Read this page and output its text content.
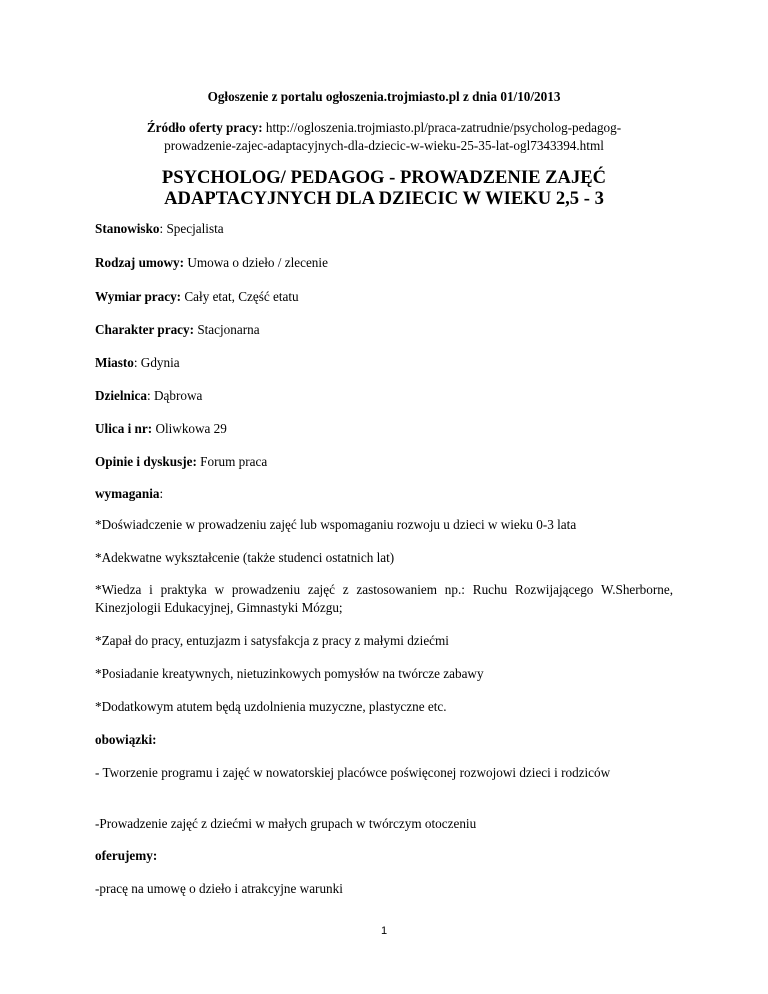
Ogłoszenie z portalu ogłoszenia.trojmiasto.pl z dnia 01/10/2013
Źródło oferty pracy: http://ogloszenia.trojmiasto.pl/praca-zatrudnie/psycholog-pedagog-
prowadzenie-zajec-adaptacyjnych-dla-dziecic-w-wieku-25-35-lat-ogl7343394.html
PSYCHOLOG/ PEDAGOG - PROWADZENIE ZAJĘĆ
ADAPTACYJNYCH DLA DZIECIC W WIEKU 2,5 - 3
Stanowisko: Specjalista
Rodzaj umowy: Umowa o dzieło / zlecenie
Wymiar pracy: Cały etat, Część etatu
Charakter pracy: Stacjonarna
Miasto: Gdynia
Dzielnica: Dąbrowa
Ulica i nr: Oliwkowa 29
Opinie i dyskusje: Forum praca
wymagania:
*Doświadczenie w prowadzeniu zajęć lub wspomaganiu rozwoju u dzieci w wieku 0-3 lata
*Adekwatne wykształcenie (także studenci ostatnich lat)
*Wiedza i praktyka w prowadzeniu zajęć z zastosowaniem np.: Ruchu Rozwijającego W.Sherborne, Kinezjologii Edukacyjnej, Gimnastyki Mózgu;
*Zapał do pracy, entuzjazm i satysfakcja z pracy z małymi dziećmi
*Posiadanie kreatywnych, nietuzinkowych pomysłów na twórcze zabawy
*Dodatkowym atutem będą uzdolnienia muzyczne, plastyczne etc.
obowiązki:
- Tworzenie programu i zajęć w nowatorskiej placówce poświęconej rozwojowi dzieci i rodziców
-Prowadzenie zajęć z dziećmi w małych grupach w twórczym otoczeniu
oferujemy:
-pracę na umowę o dzieło i atrakcyjne warunki
1
